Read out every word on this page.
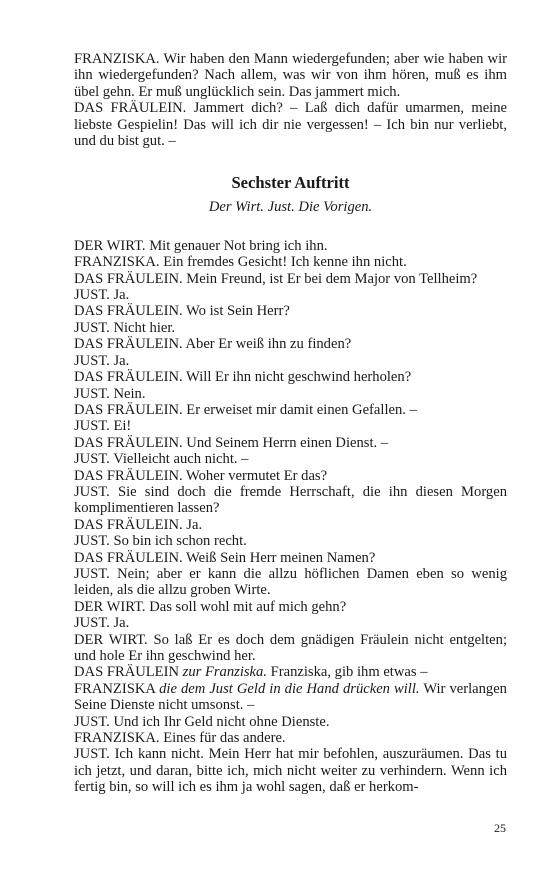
FRANZISKA. Wir haben den Mann wiedergefunden; aber wie haben wir ihn wiedergefunden? Nach allem, was wir von ihm hören, muß es ihm übel gehn. Er muß unglücklich sein. Das jammert mich.

DAS FRÄULEIN. Jammert dich? – Laß dich dafür umarmen, meine liebste Gespielin! Das will ich dir nie vergessen! – Ich bin nur verliebt, und du bist gut. –

Sechster Auftritt

Der Wirt. Just. Die Vorigen.

DER WIRT. Mit genauer Not bring ich ihn.

FRANZISKA. Ein fremdes Gesicht! Ich kenne ihn nicht.

DAS FRÄULEIN. Mein Freund, ist Er bei dem Major von Tellheim?

JUST. Ja.

DAS FRÄULEIN. Wo ist Sein Herr?

JUST. Nicht hier.

DAS FRÄULEIN. Aber Er weiß ihn zu finden?

JUST. Ja.

DAS FRÄULEIN. Will Er ihn nicht geschwind herholen?

JUST. Nein.

DAS FRÄULEIN. Er erweiset mir damit einen Gefallen. –

JUST. Ei!

DAS FRÄULEIN. Und Seinem Herrn einen Dienst. –

JUST. Vielleicht auch nicht. –

DAS FRÄULEIN. Woher vermutet Er das?

JUST. Sie sind doch die fremde Herrschaft, die ihn diesen Morgen komplimentieren lassen?

DAS FRÄULEIN. Ja.

JUST. So bin ich schon recht.

DAS FRÄULEIN. Weiß Sein Herr meinen Namen?

JUST. Nein; aber er kann die allzu höflichen Damen eben so wenig leiden, als die allzu groben Wirte.

DER WIRT. Das soll wohl mit auf mich gehn?

JUST. Ja.

DER WIRT. So laß Er es doch dem gnädigen Fräulein nicht entgelten; und hole Er ihn geschwind her.

DAS FRÄULEIN zur Franziska. Franziska, gib ihm etwas –

FRANZISKA die dem Just Geld in die Hand drücken will. Wir verlangen Seine Dienste nicht umsonst. –

JUST. Und ich Ihr Geld nicht ohne Dienste.

FRANZISKA. Eines für das andere.

JUST. Ich kann nicht. Mein Herr hat mir befohlen, auszuräumen. Das tu ich jetzt, und daran, bitte ich, mich nicht weiter zu verhindern. Wenn ich fertig bin, so will ich es ihm ja wohl sagen, daß er herkom-

25
